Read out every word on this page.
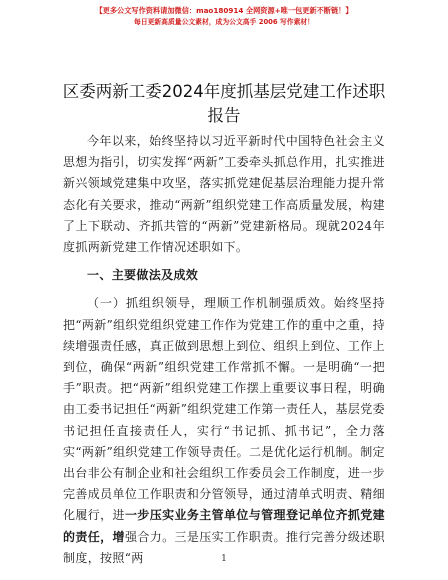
【更多公文写作资料请加微信：mao180914 全网资源+唯一包更新不断链！】
每日更新高质量公文素材，成为公文高手 2006 写作素材！
区委两新工委2024年度抓基层党建工作述职报告

今年以来，始终坚持以习近平新时代中国特色社会主义思想为指引，切实发挥“两新”工委牵头抓总作用，扎实推进新兴领域党建集中攻坚，落实抓党建促基层治理能力提升常态化有关要求，推动“两新”组织党建工作高质量发展，构建了上下联动、齐抓共管的“两新”党建新格局。现就2024年度抓两新党建工作情况述职如下。

一、主要做法及成效

（一）抓组织领导，理顺工作机制强质效。始终坚持把“两新”组织党组织党建工作作为党建工作的重中之重，持续增强责任感，真正做到思想上到位、组织上到位、工作上到位，确保“两新”组织党建工作常抓不懈。一是明确“一把手”职责。把“两新”组织党建工作摆上重要议事日程，明确由工委书记担任“两新”组织党建工作第一责任人，基层党委书记担任直接责任人，实行“书记抓、抓书记”，全力落实“两新”组织党建工作领导责任。二是优化运行机制。制定出台非公有制企业和社会组织工作委员会工作制度，进一步完善成员单位工作职责和分管领导，通过清单式明责、精细化履行，进一步压实业务主管单位与管理登记单位齐抓党建的责任，增强合力。三是压实工作职责。推行完善分级述职制度，按照“两	1
